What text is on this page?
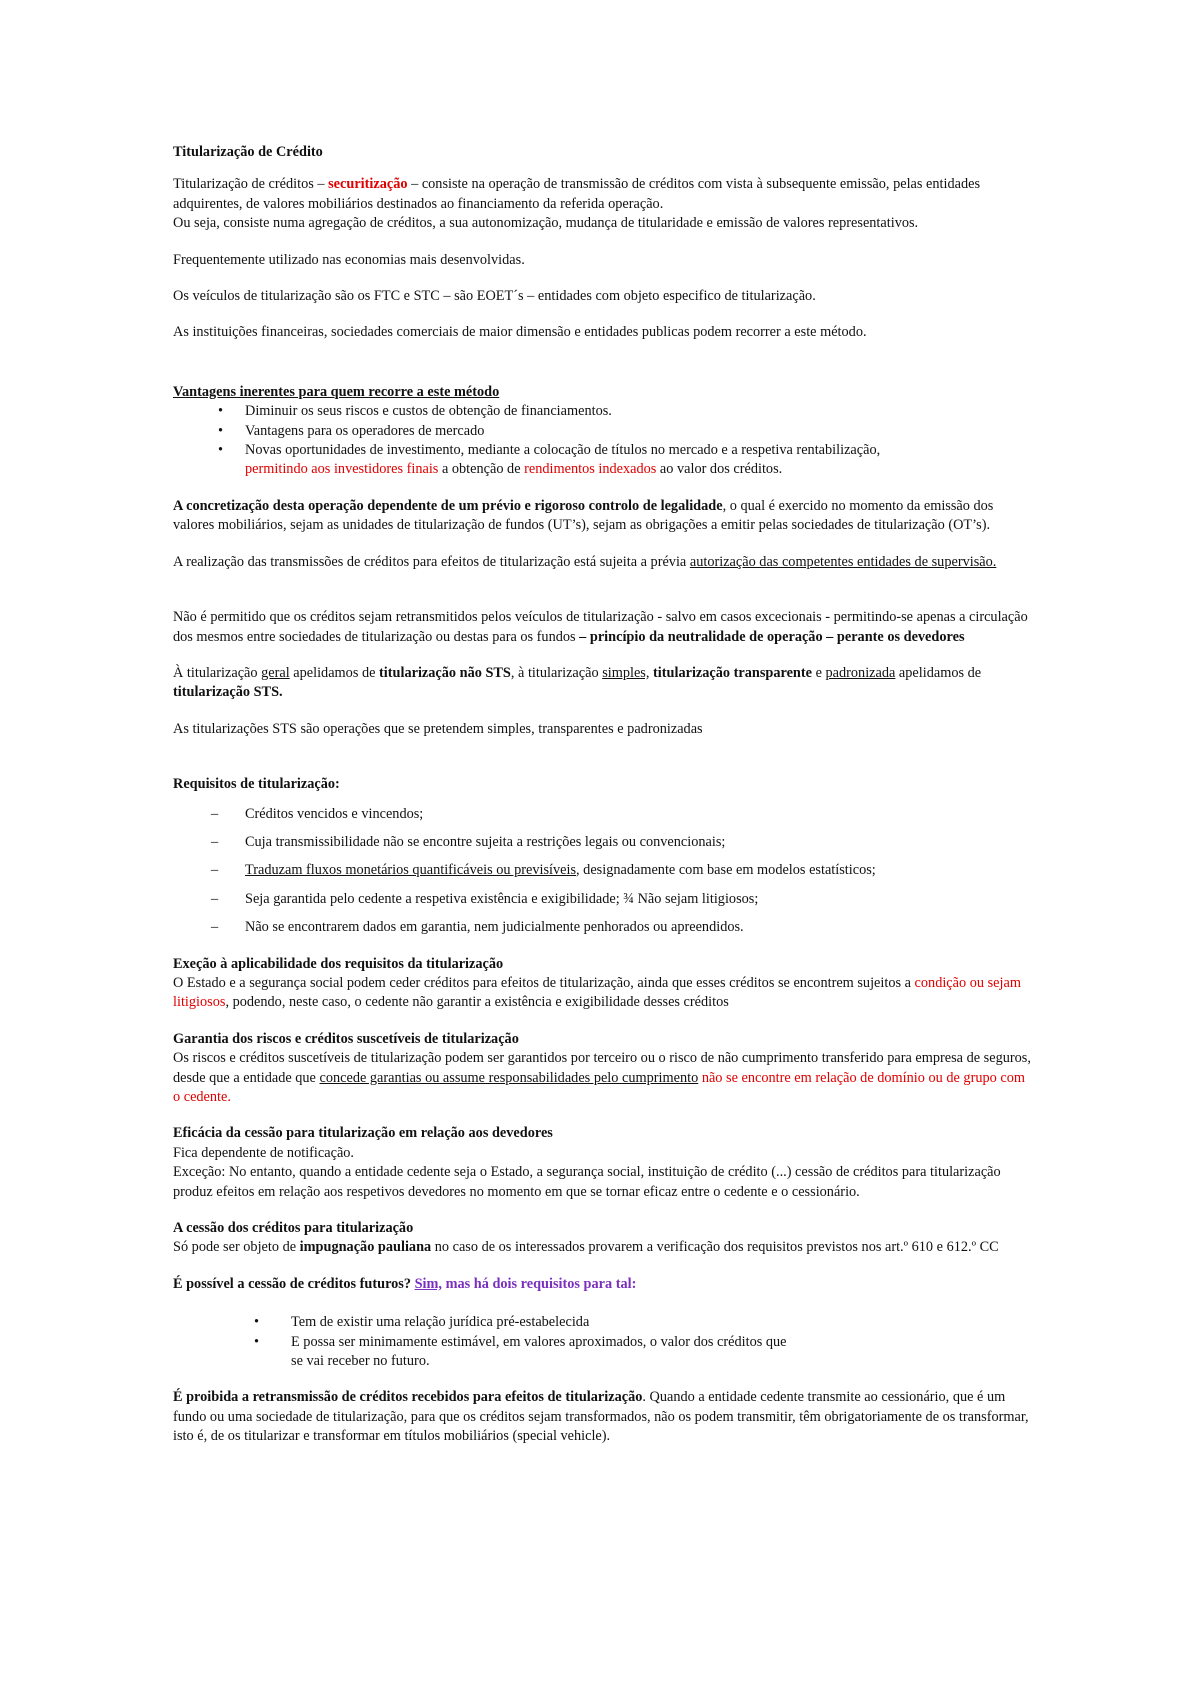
Titularização de Crédito

Titularização de créditos – securitização – consiste na operação de transmissão de créditos com vista à subsequente emissão, pelas entidades adquirentes, de valores mobiliários destinados ao financiamento da referida operação.

Ou seja, consiste numa agregação de créditos, a sua autonomização, mudança de titularidade e emissão de valores representativos.

Frequentemente utilizado nas economias mais desenvolvidas.

Os veículos de titularização são os FTC e STC – são EOET´s – entidades com objeto especifico de titularização.

As instituições financeiras, sociedades comerciais de maior dimensão e entidades publicas podem recorrer a este método.

Vantagens inerentes para quem recorre a este método

• Diminuir os seus riscos e custos de obtenção de financiamentos.
• Vantagens para os operadores de mercado
• Novas oportunidades de investimento, mediante a colocação de títulos no mercado e a respetiva rentabilização,
permitindo aos investidores finais a obtenção de rendimentos indexados ao valor dos créditos.

A concretização desta operação dependente de um prévio e rigoroso controlo de legalidade, o qual é exercido no momento da emissão dos valores mobiliários, sejam as unidades de titularização de fundos (UT’s), sejam as obrigações a emitir pelas sociedades de titularização (OT’s).

A realização das transmissões de créditos para efeitos de titularização está sujeita a prévia autorização das competentes entidades de supervisão.

Não é permitido que os créditos sejam retransmitidos pelos veículos de titularização - salvo em casos excecionais - permitindo-se apenas a circulação dos mesmos entre sociedades de titularização ou destas para os fundos – princípio da neutralidade de operação – perante os devedores

À titularização geral apelidamos de titularização não STS, à titularização simples, titularização transparente e padronizada apelidamos de titularização STS.

As titularizações STS são operações que se pretendem simples, transparentes e padronizadas

Requisitos de titularização:

– Créditos vencidos e vincendos;
– Cuja transmissibilidade não se encontre sujeita a restrições legais ou convencionais;
– Traduzam fluxos monetários quantificáveis ou previsíveis, designadamente com base em modelos estatísticos;
– Seja garantida pelo cedente a respetiva existência e exigibilidade; ¾ Não sejam litigiosos;
– Não se encontrarem dados em garantia, nem judicialmente penhorados ou apreendidos.

Exeção à aplicabilidade dos requisitos da titularização

O Estado e a segurança social podem ceder créditos para efeitos de titularização, ainda que esses créditos se encontrem sujeitos a condição ou sejam litigiosos, podendo, neste caso, o cedente não garantir a existência e exigibilidade desses créditos

Garantia dos riscos e créditos suscetíveis de titularização

Os riscos e créditos suscetíveis de titularização podem ser garantidos por terceiro ou o risco de não cumprimento transferido para empresa de seguros, desde que a entidade que concede garantias ou assume responsabilidades pelo cumprimento não se encontre em relação de domínio ou de grupo com o cedente.

Eficácia da cessão para titularização em relação aos devedores

Fica dependente de notificação.

Exceção: No entanto, quando a entidade cedente seja o Estado, a segurança social, instituição de crédito (...) cessão de créditos para titularização produz efeitos em relação aos respetivos devedores no momento em que se tornar eficaz entre o cedente e o cessionário.

A cessão dos créditos para titularização

Só pode ser objeto de impugnação pauliana no caso de os interessados provarem a verificação dos requisitos previstos nos art.º 610 e 612.º CC

É possível a cessão de créditos futuros? Sim, mas há dois requisitos para tal:

• Tem de existir uma relação jurídica pré-estabelecida
• E possa ser minimamente estimável, em valores aproximados, o valor dos créditos que
se vai receber no futuro.

É proibida a retransmissão de créditos recebidos para efeitos de titularização. Quando a entidade cedente transmite ao cessionário, que é um fundo ou uma sociedade de titularização, para que os créditos sejam transformados, não os podem transmitir, têm obrigatoriamente de os transformar, isto é, de os titularizar e transformar em títulos mobiliários (special vehicle).
